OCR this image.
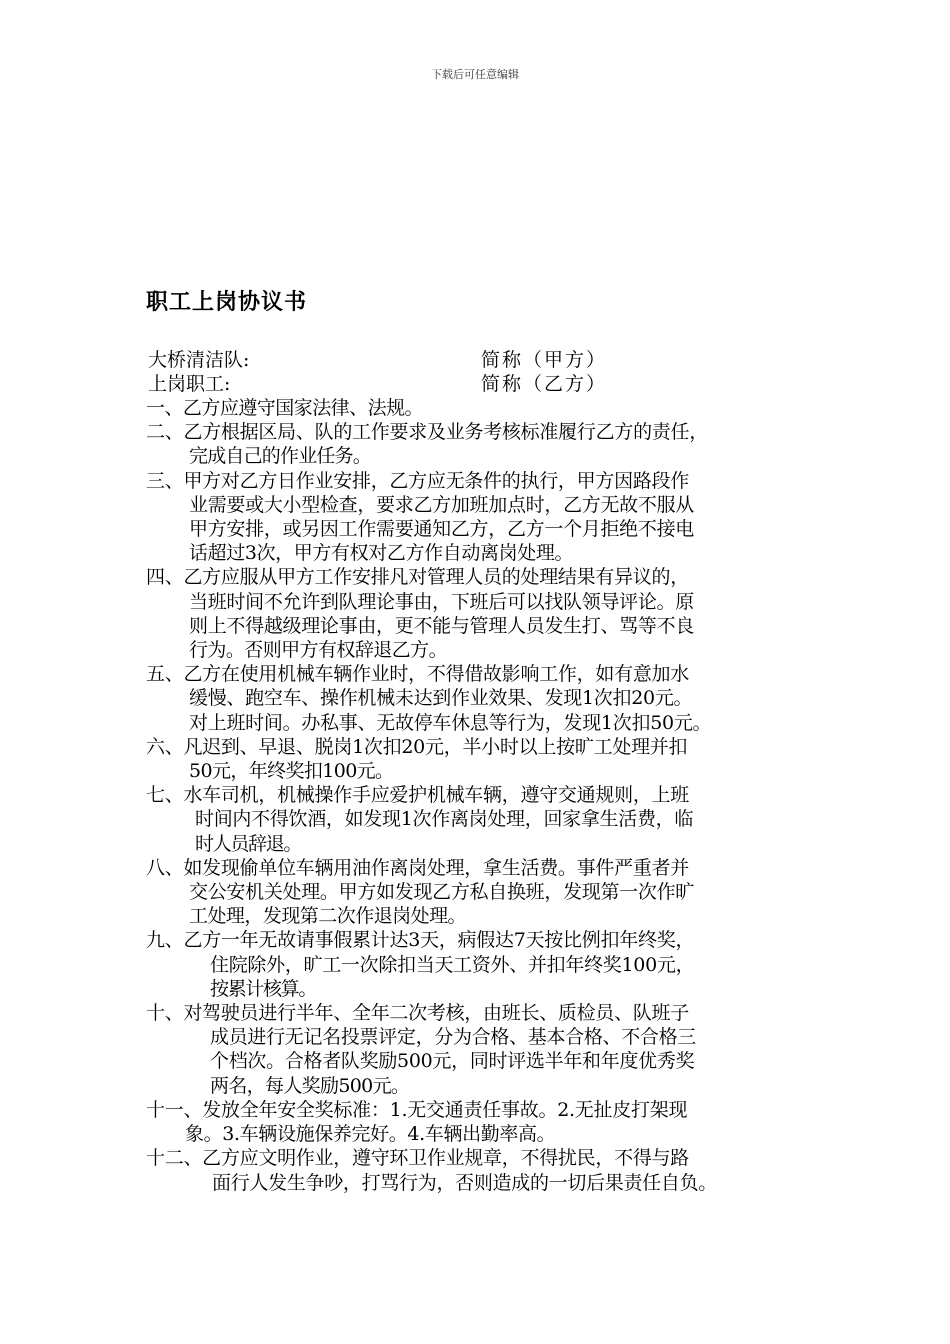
下载后可任意编辑
职工上岗协议书
大桥清洁队:	简称（甲方）
上岗职工:	简称（乙方）
一、乙方应遵守国家法律、法规。
二、乙方根据区局、队的工作要求及业务考核标准履行乙方的责任，
完成自己的作业任务。
三、甲方对乙方日作业安排，乙方应无条件的执行，甲方因路段作
业需要或大小型检查，要求乙方加班加点时，乙方无故不服从
甲方安排，或另因工作需要通知乙方，乙方一个月拒绝不接电
话超过3次，甲方有权对乙方作自动离岗处理。
四、乙方应服从甲方工作安排凡对管理人员的处理结果有异议的，
当班时间不允许到队理论事由，下班后可以找队领导评论。原
则上不得越级理论事由，更不能与管理人员发生打、骂等不良
行为。否则甲方有权辞退乙方。
五、乙方在使用机械车辆作业时，不得借故影响工作，如有意加水
缓慢、跑空车、操作机械未达到作业效果、发现1次扣20元。
对上班时间。办私事、无故停车休息等行为，发现1次扣50元。
六、凡迟到、早退、脱岗1次扣20元，半小时以上按旷工处理并扣
50元，年终奖扣100元。
七、水车司机，机械操作手应爱护机械车辆，遵守交通规则，上班
时间内不得饮酒，如发现1次作离岗处理，回家拿生活费，临
时人员辞退。
八、如发现偷单位车辆用油作离岗处理，拿生活费。事件严重者并
交公安机关处理。甲方如发现乙方私自换班，发现第一次作旷
工处理，发现第二次作退岗处理。
九、乙方一年无故请事假累计达3天，病假达7天按比例扣年终奖，
住院除外，旷工一次除扣当天工资外、并扣年终奖100元，
按累计核算。
十、对驾驶员进行半年、全年二次考核，由班长、质检员、队班子
成员进行无记名投票评定，分为合格、基本合格、不合格三
个档次。合格者队奖励500元，同时评选半年和年度优秀奖
两名，每人奖励500元。
十一、发放全年安全奖标准：1.无交通责任事故。2.无扯皮打架现
象。3.车辆设施保养完好。4.车辆出勤率高。
十二、乙方应文明作业，遵守环卫作业规章，不得扰民，不得与路
面行人发生争吵，打骂行为，否则造成的一切后果责任自负。
